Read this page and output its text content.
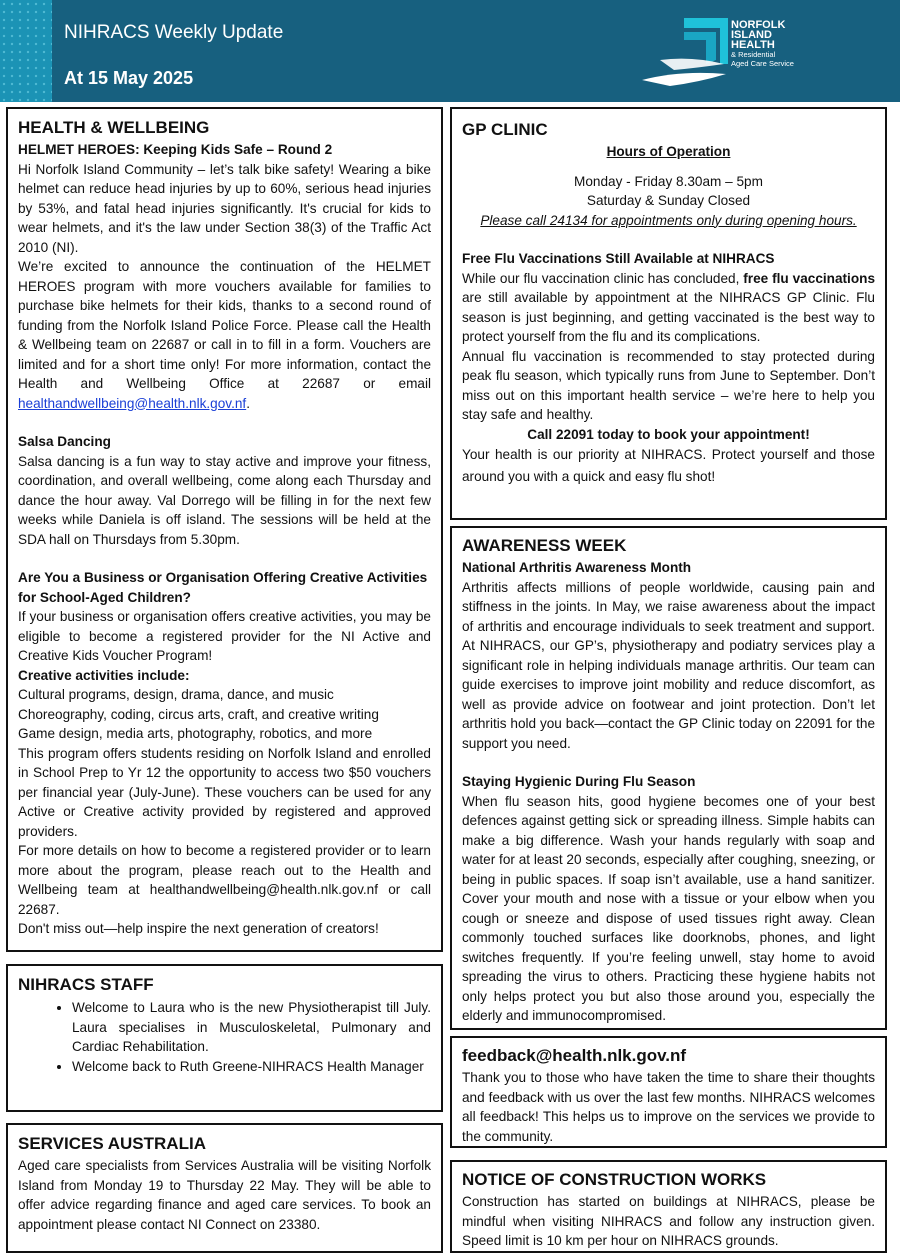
NIHRACS Weekly Update
At 15 May 2025
NORFOLK
ISLAND
HEALTH
& Residential
Aged Care Service
HEALTH & WELLBEING

HELMET HEROES: Keeping Kids Safe – Round 2

Hi Norfolk Island Community – let’s talk bike safety! Wearing a bike helmet can reduce head injuries by up to 60%, serious head injuries by 53%, and fatal head injuries significantly. It's crucial for kids to wear helmets, and it's the law under Section 38(3) of the Traffic Act 2010 (NI).

We’re excited to announce the continuation of the HELMET HEROES program with more vouchers available for families to purchase bike helmets for their kids, thanks to a second round of funding from the Norfolk Island Police Force. Please call the Health & Wellbeing team on 22687 or call in to fill in a form. Vouchers are limited and for a short time only! For more information, contact the Health and Wellbeing Office at 22687 or email healthandwellbeing@health.nlk.gov.nf.

Salsa Dancing

Salsa dancing is a fun way to stay active and improve your fitness, coordination, and overall wellbeing, come along each Thursday and dance the hour away. Val Dorrego will be filling in for the next few weeks while Daniela is off island. The sessions will be held at the SDA hall on Thursdays from 5.30pm.

Are You a Business or Organisation Offering Creative Activities for School-Aged Children?

If your business or organisation offers creative activities, you may be eligible to become a registered provider for the NI Active and Creative Kids Voucher Program!

Creative activities include:

Cultural programs, design, drama, dance, and music

Choreography, coding, circus arts, craft, and creative writing

Game design, media arts, photography, robotics, and more

This program offers students residing on Norfolk Island and enrolled in School Prep to Yr 12 the opportunity to access two $50 vouchers per financial year (July-June). These vouchers can be used for any Active or Creative activity provided by registered and approved providers.

For more details on how to become a registered provider or to learn more about the program, please reach out to the Health and Wellbeing team at healthandwellbeing@health.nlk.gov.nf or call 22687.

Don't miss out—help inspire the next generation of creators!

NIHRACS STAFF
• Welcome to Laura who is the new Physiotherapist till July. Laura specialises in Musculoskeletal, Pulmonary and Cardiac Rehabilitation.
• Welcome back to Ruth Greene-NIHRACS Health Manager
SERVICES AUSTRALIA

Aged care specialists from Services Australia will be visiting Norfolk Island from Monday 19 to Thursday 22 May. They will be able to offer advice regarding finance and aged care services. To book an appointment please contact NI Connect on 23380.

GP CLINIC

Hours of Operation

Monday - Friday 8.30am – 5pm

Saturday & Sunday Closed

Please call 24134 for appointments only during opening hours.

Free Flu Vaccinations Still Available at NIHRACS

While our flu vaccination clinic has concluded, free flu vaccinations are still available by appointment at the NIHRACS GP Clinic. Flu season is just beginning, and getting vaccinated is the best way to protect yourself from the flu and its complications.

Annual flu vaccination is recommended to stay protected during peak flu season, which typically runs from June to September. Don’t miss out on this important health service – we’re here to help you stay safe and healthy.

Call 22091 today to book your appointment!

Your health is our priority at NIHRACS. Protect yourself and those around you with a quick and easy flu shot!

AWARENESS WEEK

National Arthritis Awareness Month

Arthritis affects millions of people worldwide, causing pain and stiffness in the joints. In May, we raise awareness about the impact of arthritis and encourage individuals to seek treatment and support. At NIHRACS, our GP’s, physiotherapy and podiatry services play a significant role in helping individuals manage arthritis. Our team can guide exercises to improve joint mobility and reduce discomfort, as well as provide advice on footwear and joint protection. Don’t let arthritis hold you back—contact the GP Clinic today on 22091 for the support you need.

Staying Hygienic During Flu Season

When flu season hits, good hygiene becomes one of your best defences against getting sick or spreading illness. Simple habits can make a big difference. Wash your hands regularly with soap and water for at least 20 seconds, especially after coughing, sneezing, or being in public spaces. If soap isn’t available, use a hand sanitizer. Cover your mouth and nose with a tissue or your elbow when you cough or sneeze and dispose of used tissues right away. Clean commonly touched surfaces like doorknobs, phones, and light switches frequently. If you’re feeling unwell, stay home to avoid spreading the virus to others. Practicing these hygiene habits not only helps protect you but also those around you, especially the elderly and immunocompromised.

feedback@health.nlk.gov.nf

Thank you to those who have taken the time to share their thoughts and feedback with us over the last few months. NIHRACS welcomes all feedback! This helps us to improve on the services we provide to the community.

NOTICE OF CONSTRUCTION WORKS

Construction has started on buildings at NIHRACS, please be mindful when visiting NIHRACS and follow any instruction given. Speed limit is 10 km per hour on NIHRACS grounds.
